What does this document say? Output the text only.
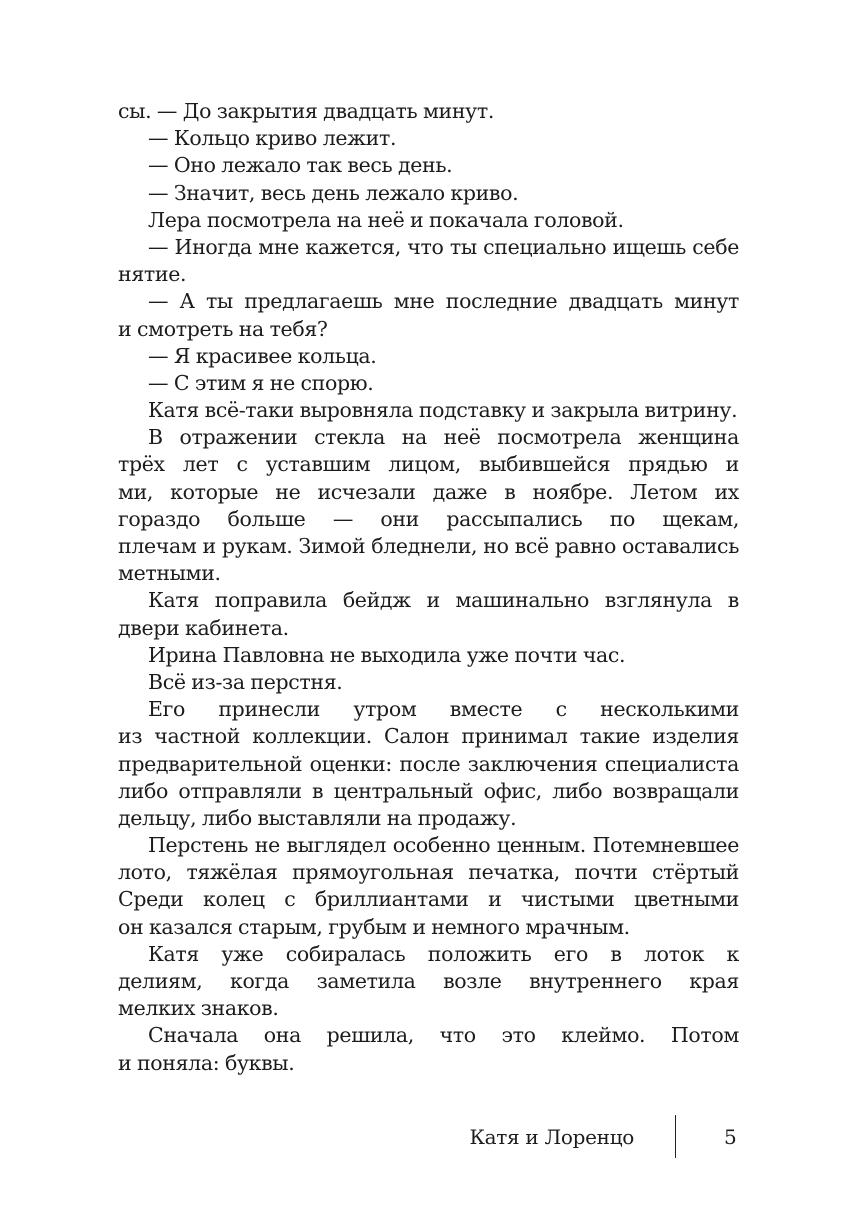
сы. — До закрытия двадцать минут.
— Кольцо криво лежит.
— Оно лежало так весь день.
— Значит, весь день лежало криво.
Лера посмотрела на неё и покачала головой.
— Иногда мне кажется, что ты специально ищешь себе
нятие.
— А ты предлагаешь мне последние двадцать минут
и смотреть на тебя?
— Я красивее кольца.
— С этим я не спорю.
Катя всё-таки выровняла подставку и закрыла витрину.
В отражении стекла на неё посмотрела женщина
трёх лет с уставшим лицом, выбившейся прядью и
ми, которые не исчезали даже в ноябре. Летом их
гораздо больше — они рассыпались по щекам,
плечам и рукам. Зимой бледнели, но всё равно оставались
метными.
Катя поправила бейдж и машинально взглянула в
двери кабинета.
Ирина Павловна не выходила уже почти час.
Всё из-за перстня.
Его принесли утром вместе с несколькими
из частной коллекции. Салон принимал такие изделия
предварительной оценки: после заключения специалиста
либо отправляли в центральный офис, либо возвращали
дельцу, либо выставляли на продажу.
Перстень не выглядел особенно ценным. Потемневшее
лото, тяжёлая прямоугольная печатка, почти стёртый
Среди колец с бриллиантами и чистыми цветными
он казался старым, грубым и немного мрачным.
Катя уже собиралась положить его в лоток к
делиям, когда заметила возле внутреннего края
мелких знаков.
Сначала она решила, что это клеймо. Потом
и поняла: буквы.
Катя и Лоренцо	5
